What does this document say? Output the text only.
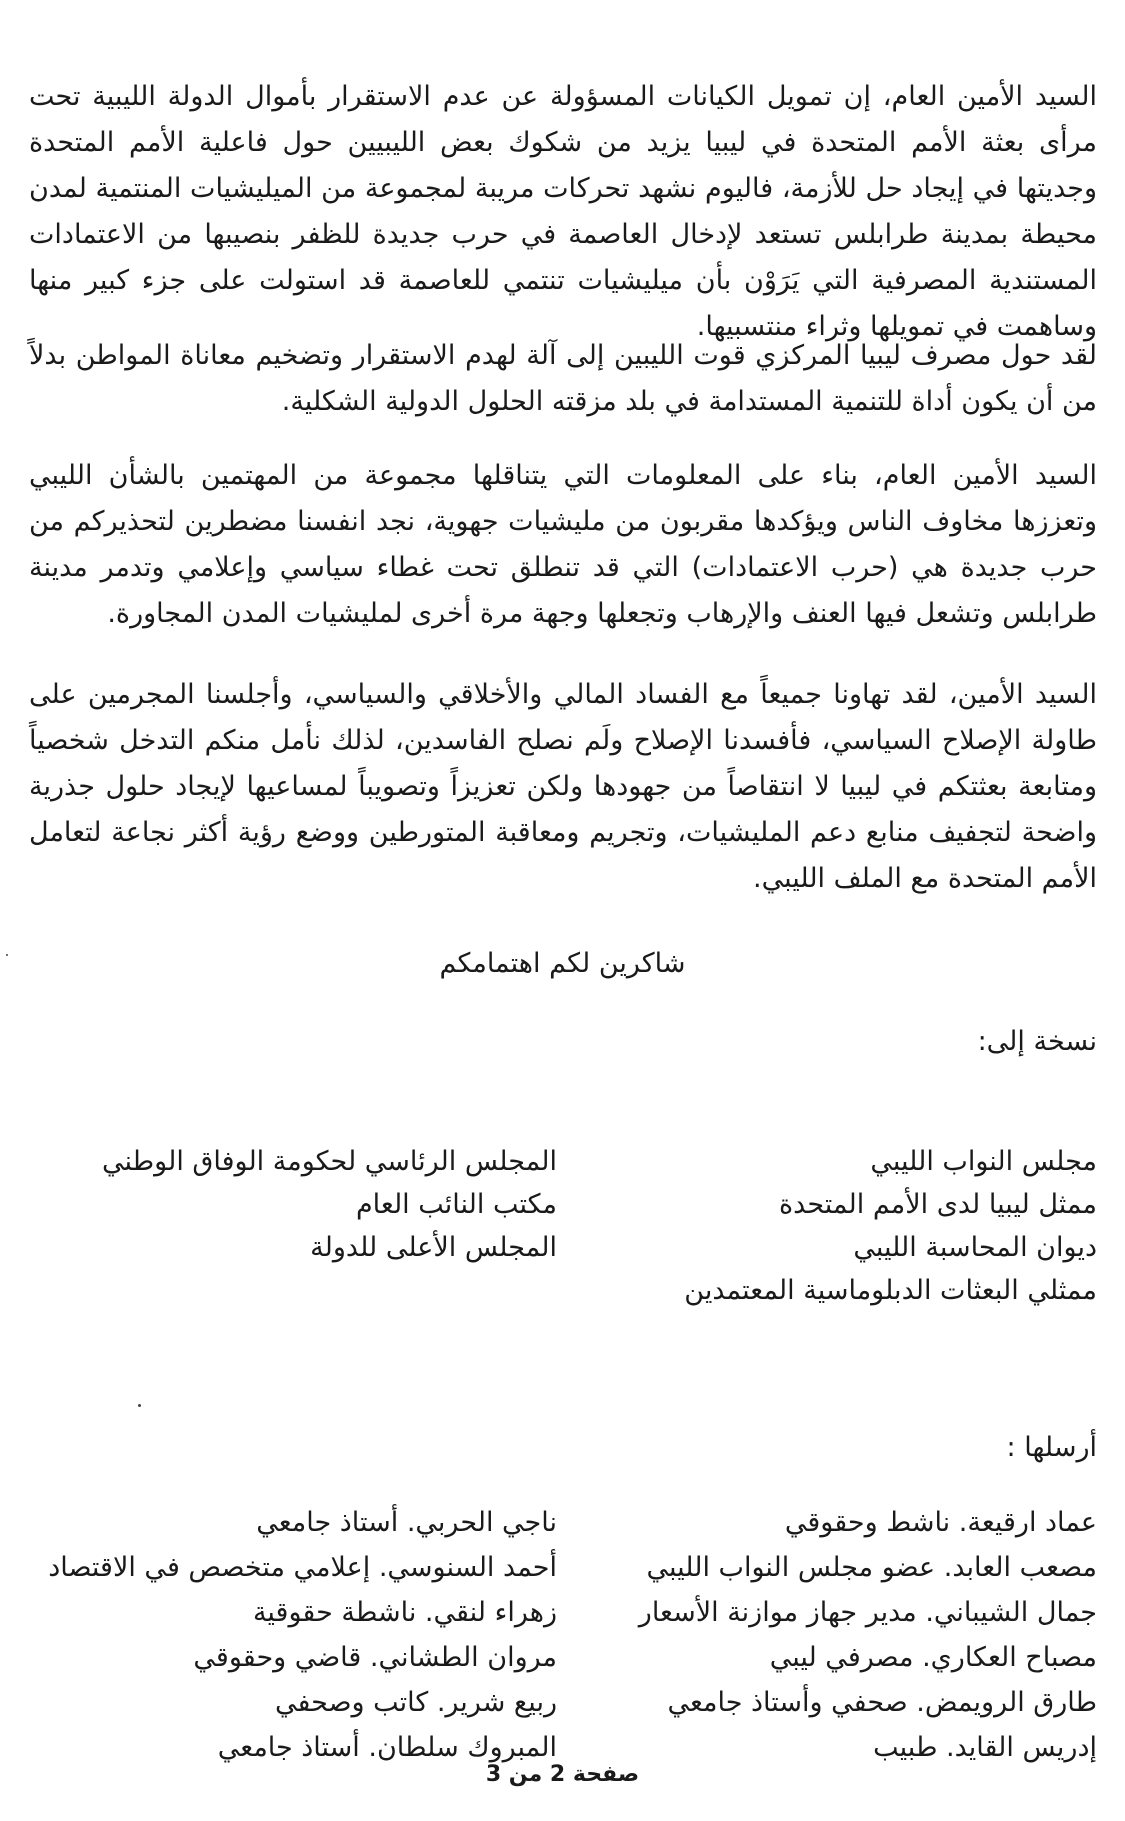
السيد الأمين العام، إن تمويل الكيانات المسؤولة عن عدم الاستقرار بأموال الدولة الليبية تحت مرأى بعثة الأمم المتحدة في ليبيا يزيد من شكوك بعض الليبيين حول فاعلية الأمم المتحدة وجديتها في إيجاد حل للأزمة، فاليوم نشهد تحركات مريبة لمجموعة من الميليشيات المنتمية لمدن محيطة بمدينة طرابلس تستعد لإدخال العاصمة في حرب جديدة للظفر بنصيبها من الاعتمادات المستندية المصرفية التي يَرَوْن بأن ميليشيات تنتمي للعاصمة قد استولت على جزء كبير منها وساهمت في تمويلها وثراء منتسبيها.

لقد حول مصرف ليبيا المركزي قوت الليبين إلى آلة لهدم الاستقرار وتضخيم معاناة المواطن بدلاً من أن يكون أداة للتنمية المستدامة في بلد مزقته الحلول الدولية الشكلية.

السيد الأمين العام، بناء على المعلومات التي يتناقلها مجموعة من المهتمين بالشأن الليبي وتعززها مخاوف الناس ويؤكدها مقربون من مليشيات جهوية، نجد انفسنا مضطرين لتحذيركم من حرب جديدة هي (حرب الاعتمادات) التي قد تنطلق تحت غطاء سياسي وإعلامي وتدمر مدينة طرابلس وتشعل فيها العنف والإرهاب وتجعلها وجهة مرة أخرى لمليشيات المدن المجاورة.

السيد الأمين، لقد تهاونا جميعاً مع الفساد المالي والأخلاقي والسياسي، وأجلسنا المجرمين على طاولة الإصلاح السياسي، فأفسدنا الإصلاح ولَم نصلح الفاسدين، لذلك نأمل منكم التدخل شخصياً ومتابعة بعثتكم في ليبيا لا انتقاصاً من جهودها ولكن تعزيزاً وتصويباً لمساعيها لإيجاد حلول جذرية واضحة لتجفيف منابع دعم المليشيات، وتجريم ومعاقبة المتورطين ووضع رؤية أكثر نجاعة لتعامل الأمم المتحدة مع الملف الليبي.

شاكرين لكم اهتمامكم

نسخة إلى:

مجلس النواب الليبي
ممثل ليبيا لدى الأمم المتحدة
ديوان المحاسبة الليبي
ممثلي البعثات الدبلوماسية المعتمدين
المجلس الرئاسي لحكومة الوفاق الوطني
مكتب النائب العام
المجلس الأعلى للدولة

أرسلها :

عماد ارقيعة. ناشط وحقوقي
مصعب العابد. عضو مجلس النواب الليبي
جمال الشيباني. مدير جهاز موازنة الأسعار
مصباح العكاري. مصرفي ليبي
طارق الرويمض. صحفي وأستاذ جامعي
إدريس القايد. طبيب
ناجي الحربي. أستاذ جامعي
أحمد السنوسي. إعلامي متخصص في الاقتصاد
زهراء لنقي. ناشطة حقوقية
مروان الطشاني. قاضي وحقوقي
ربيع شرير. كاتب وصحفي
المبروك سلطان. أستاذ جامعي

صفحة 2 من 3
